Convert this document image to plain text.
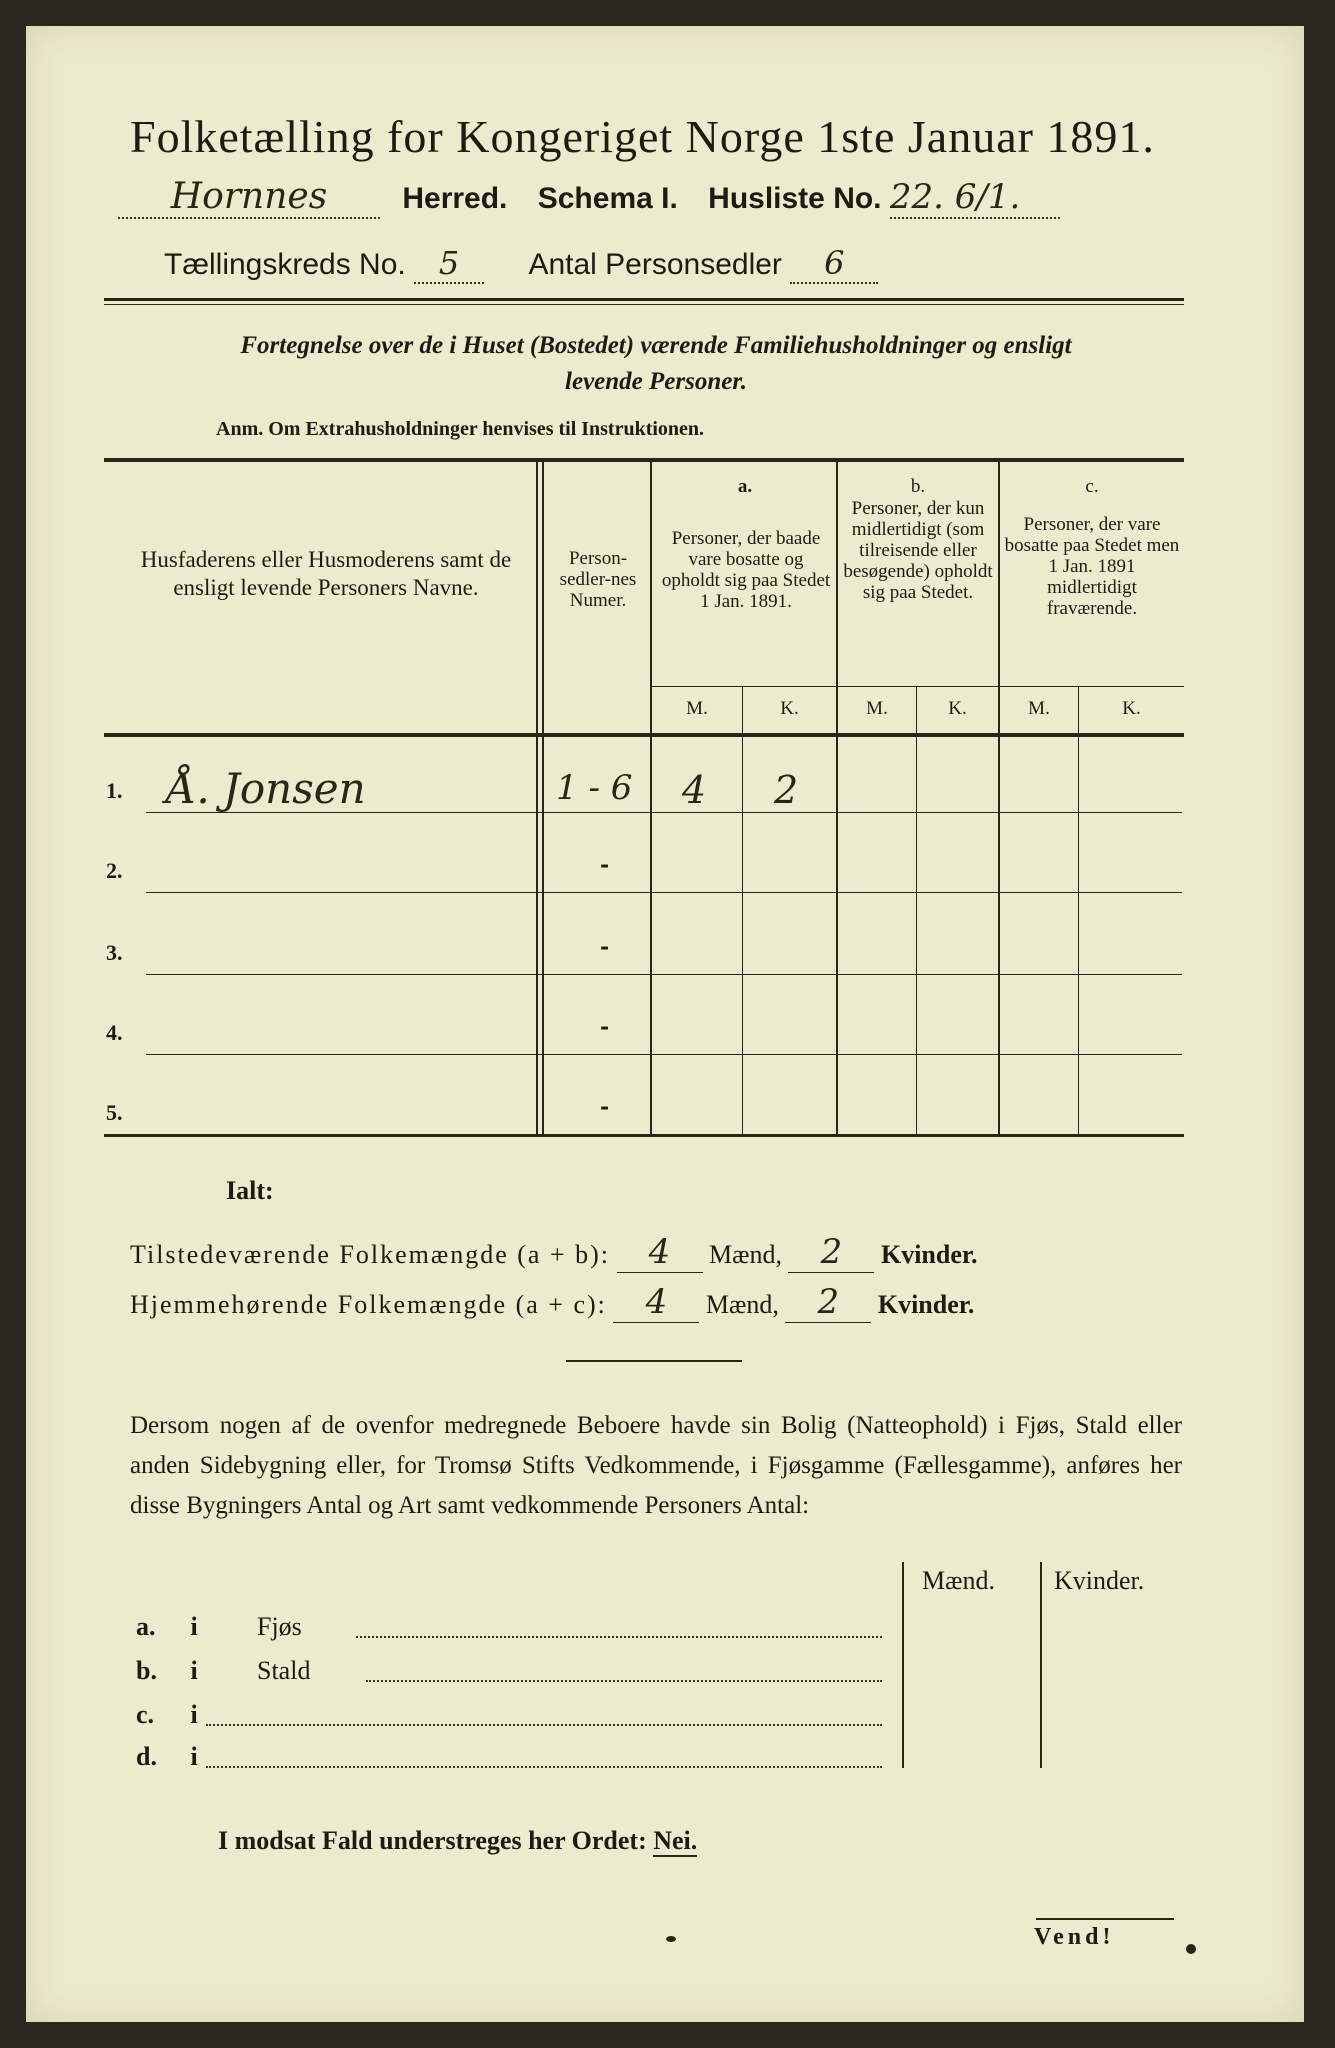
Folketælling for Kongeriget Norge 1ste Januar 1891.
Hornnes	Herred. Schema I. Husliste No. 22. 6/1.
Tællingskreds No. 5 Antal Personsedler 6
Fortegnelse over de i Huset (Bostedet) værende Familiehusholdninger og ensligt
levende Personer.
Anm. Om Extrahusholdninger henvises til Instruktionen.
Husfaderens eller Husmoderens samt de ensligt levende Personers Navne.
Person-sedler-nes Numer.
a.
Personer, der baade vare bosatte og opholdt sig paa Stedet 1 Jan. 1891.
b.
Personer, der kun midlertidigt (som tilreisende eller besøgende) opholdt sig paa Stedet.
c.
Personer, der vare bosatte paa Stedet men 1 Jan. 1891 midlertidigt fraværende.
M.	K.	M.	K.	M.	K.
1. Å. Jonsen	1 - 6 4 2
2.	-
3.	-
4.	-
5.	-
Ialt:
Tilstedeværende Folkemængde (a + b): 4 Mænd, 2 Kvinder.
Hjemmehørende Folkemængde (a + c): 4 Mænd, 2 Kvinder.
Dersom nogen af de ovenfor medregnede Beboere havde sin Bolig (Natteophold) i Fjøs, Stald eller anden Sidebygning eller, for Tromsø Stifts Vedkommende, i Fjøsgamme (Fællesgamme), anføres her disse Bygningers Antal og Art samt vedkommende Personers Antal:
Mænd. Kvinder.
a. i Fjøs
b. i Stald
c. i
d. i
I modsat Fald understreges her Ordet: Nei.
Vend!
